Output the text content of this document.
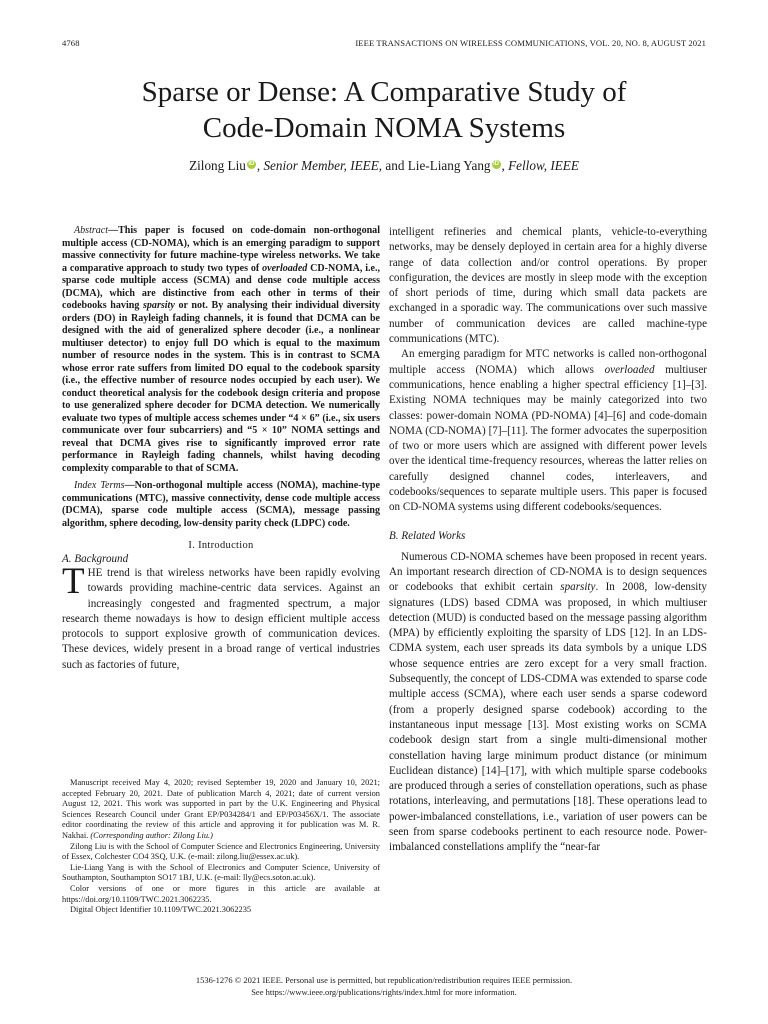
4768	IEEE TRANSACTIONS ON WIRELESS COMMUNICATIONS, VOL. 20, NO. 8, AUGUST 2021
Sparse or Dense: A Comparative Study of
Code-Domain NOMA Systems
Zilong Liu iD , Senior Member, IEEE, and Lie-Liang Yang iD , Fellow, IEEE

Abstract—This paper is focused on code-domain non-orthogonal multiple access (CD-NOMA), which is an emerging paradigm to support massive connectivity for future machine-type wireless networks. We take a comparative approach to study two types of overloaded CD-NOMA, i.e., sparse code multiple access (SCMA) and dense code multiple access (DCMA), which are distinctive from each other in terms of their codebooks having sparsity or not. By analysing their individual diversity orders (DO) in Rayleigh fading channels, it is found that DCMA can be designed with the aid of generalized sphere decoder (i.e., a nonlinear multiuser detector) to enjoy full DO which is equal to the maximum number of resource nodes in the system. This is in contrast to SCMA whose error rate suffers from limited DO equal to the codebook sparsity (i.e., the effective number of resource nodes occupied by each user). We conduct theoretical analysis for the codebook design criteria and propose to use generalized sphere decoder for DCMA detection. We numerically evaluate two types of multiple access schemes under “4 × 6” (i.e., six users communicate over four subcarriers) and “5 × 10” NOMA settings and reveal that DCMA gives rise to significantly improved error rate performance in Rayleigh fading channels, whilst having decoding complexity comparable to that of SCMA.

Index Terms—Non-orthogonal multiple access (NOMA), machine-type communications (MTC), massive connectivity, dense code multiple access (DCMA), sparse code multiple access (SCMA), message passing algorithm, sphere decoding, low-density parity check (LDPC) code.

I. Introduction
A. Background

THE trend is that wireless networks have been rapidly evolving towards providing machine-centric data services. Against an increasingly congested and fragmented spectrum, a major research theme nowadays is how to design efficient multiple access protocols to support explosive growth of communication devices. These devices, widely present in a broad range of vertical industries such as factories of future,

Manuscript received May 4, 2020; revised September 19, 2020 and January 10, 2021; accepted February 20, 2021. Date of publication March 4, 2021; date of current version August 12, 2021. This work was supported in part by the U.K. Engineering and Physical Sciences Research Council under Grant EP/P034284/1 and EP/P03456X/1. The associate editor coordinating the review of this article and approving it for publication was M. R. Nakhai. (Corresponding author: Zilong Liu.)

Zilong Liu is with the School of Computer Science and Electronics Engineering, University of Essex, Colchester CO4 3SQ, U.K. (e-mail: zilong.liu@essex.ac.uk).

Lie-Liang Yang is with the School of Electronics and Computer Science, University of Southampton, Southampton SO17 1BJ, U.K. (e-mail: lly@ecs.soton.ac.uk).

Color versions of one or more figures in this article are available at https://doi.org/10.1109/TWC.2021.3062235.

Digital Object Identifier 10.1109/TWC.2021.3062235

intelligent refineries and chemical plants, vehicle-to-everything networks, may be densely deployed in certain area for a highly diverse range of data collection and/or control operations. By proper configuration, the devices are mostly in sleep mode with the exception of short periods of time, during which small data packets are exchanged in a sporadic way. The communications over such massive number of communication devices are called machine-type communications (MTC).

An emerging paradigm for MTC networks is called non-orthogonal multiple access (NOMA) which allows overloaded multiuser communications, hence enabling a higher spectral efficiency [1]–[3]. Existing NOMA techniques may be mainly categorized into two classes: power-domain NOMA (PD-NOMA) [4]–[6] and code-domain NOMA (CD-NOMA) [7]–[11]. The former advocates the superposition of two or more users which are assigned with different power levels over the identical time-frequency resources, whereas the latter relies on carefully designed channel codes, interleavers, and codebooks/sequences to separate multiple users. This paper is focused on CD-NOMA systems using different codebooks/sequences.

B. Related Works

Numerous CD-NOMA schemes have been proposed in recent years. An important research direction of CD-NOMA is to design sequences or codebooks that exhibit certain sparsity. In 2008, low-density signatures (LDS) based CDMA was proposed, in which multiuser detection (MUD) is conducted based on the message passing algorithm (MPA) by efficiently exploiting the sparsity of LDS [12]. In an LDS-CDMA system, each user spreads its data symbols by a unique LDS whose sequence entries are zero except for a very small fraction. Subsequently, the concept of LDS-CDMA was extended to sparse code multiple access (SCMA), where each user sends a sparse codeword (from a properly designed sparse codebook) according to the instantaneous input message [13]. Most existing works on SCMA codebook design start from a single multi-dimensional mother constellation having large minimum product distance (or minimum Euclidean distance) [14]–[17], with which multiple sparse codebooks are produced through a series of constellation operations, such as phase rotations, interleaving, and permutations [18]. These operations lead to power-imbalanced constellations, i.e., variation of user powers can be seen from sparse codebooks pertinent to each resource node. Power-imbalanced constellations amplify the “near-far

1536-1276 © 2021 IEEE. Personal use is permitted, but republication/redistribution requires IEEE permission.
See https://www.ieee.org/publications/rights/index.html for more information.
